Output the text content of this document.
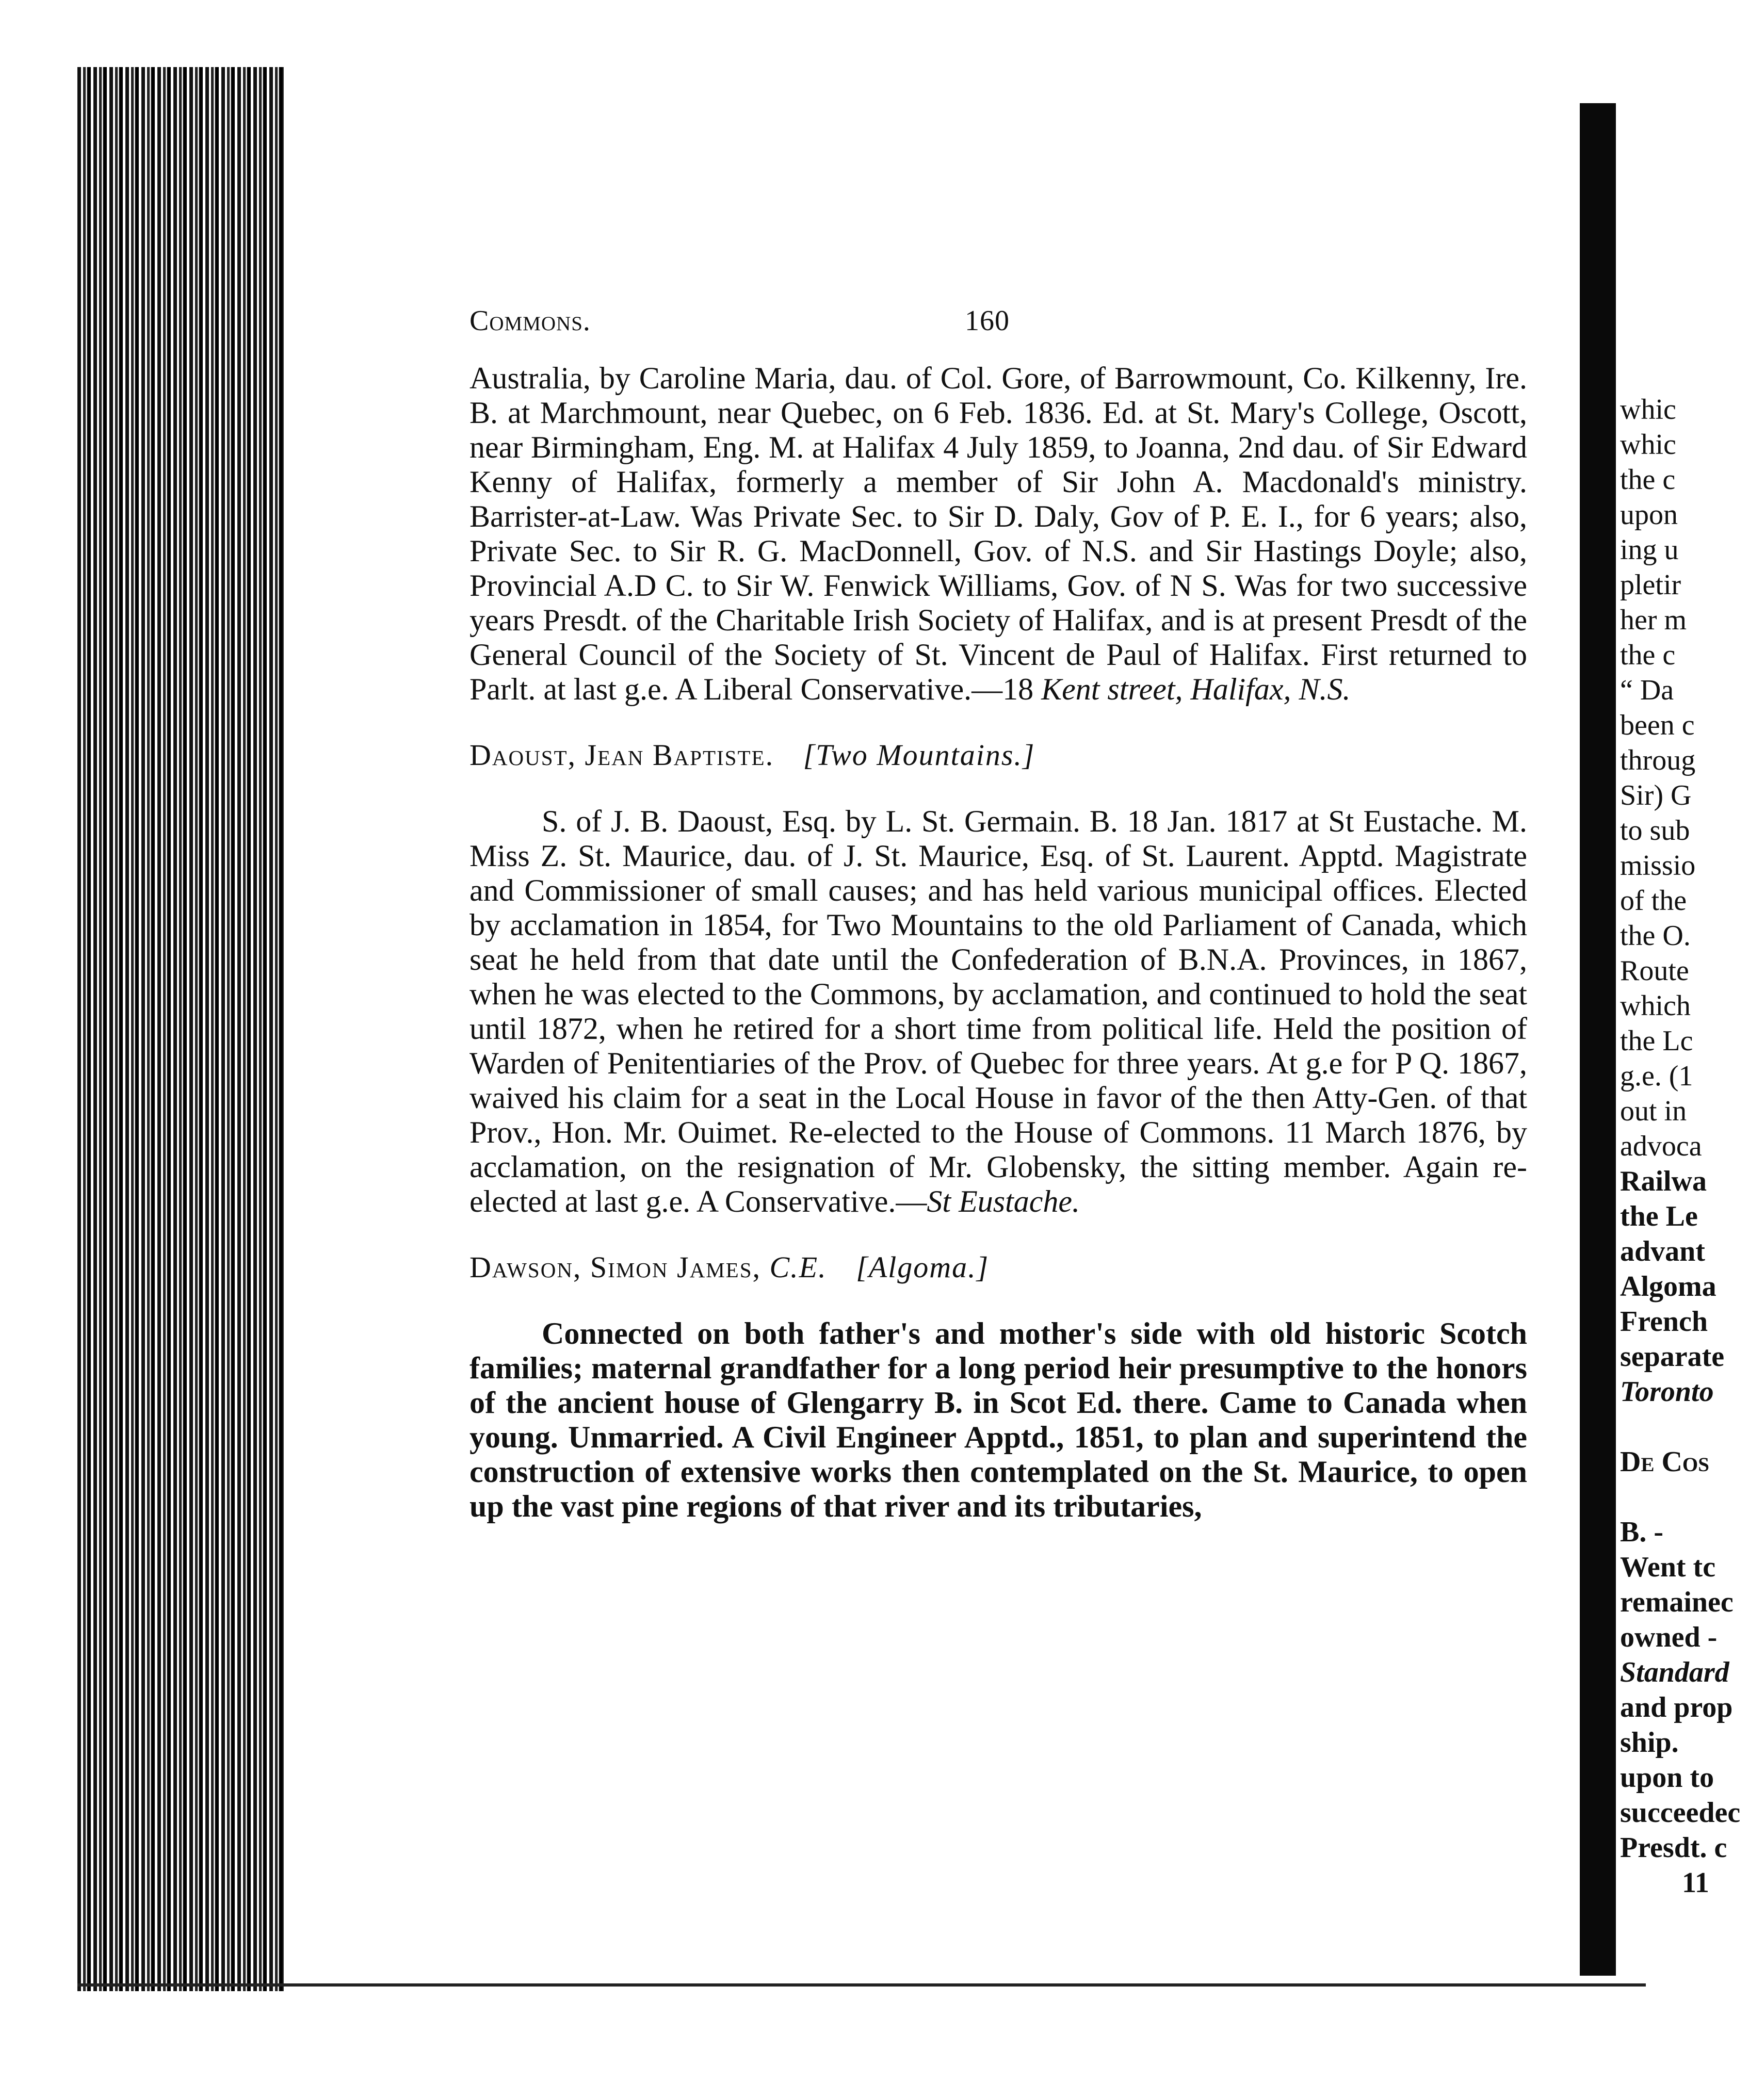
Commons.	160

Australia, by Caroline Maria, dau. of Col. Gore, of Barrowmount, Co. Kilkenny, Ire. B. at Marchmount, near Quebec, on 6 Feb. 1836. Ed. at St. Mary's College, Oscott, near Birmingham, Eng. M. at Halifax 4 July 1859, to Joanna, 2nd dau. of Sir Edward Kenny of Halifax, formerly a member of Sir John A. Macdonald's ministry. Barrister-at-Law. Was Private Sec. to Sir D. Daly, Gov of P. E. I., for 6 years; also, Private Sec. to Sir R. G. MacDonnell, Gov. of N.S. and Sir Hastings Doyle; also, Provincial A.D C. to Sir W. Fenwick Williams, Gov. of N S. Was for two successive years Presdt. of the Charitable Irish Society of Halifax, and is at present Presdt of the General Council of the Society of St. Vincent de Paul of Halifax. First returned to Parlt. at last g.e. A Liberal Conservative.—18 Kent street, Halifax, N.S.

Daoust, Jean Baptiste. [Two Mountains.]

S. of J. B. Daoust, Esq. by L. St. Germain. B. 18 Jan. 1817 at St Eustache. M. Miss Z. St. Maurice, dau. of J. St. Maurice, Esq. of St. Laurent. Apptd. Magistrate and Commissioner of small causes; and has held various municipal offices. Elected by acclamation in 1854, for Two Mountains to the old Parliament of Canada, which seat he held from that date until the Confederation of B.N.A. Provinces, in 1867, when he was elected to the Commons, by acclamation, and continued to hold the seat until 1872, when he retired for a short time from political life. Held the position of Warden of Penitentiaries of the Prov. of Quebec for three years. At g.e for P Q. 1867, waived his claim for a seat in the Local House in favor of the then Atty-Gen. of that Prov., Hon. Mr. Ouimet. Re-elected to the House of Commons. 11 March 1876, by acclamation, on the resignation of Mr. Globensky, the sitting member. Again re-elected at last g.e. A Conservative.—St Eustache.

Dawson, Simon James, C.E. [Algoma.]

Connected on both father's and mother's side with old historic Scotch families; maternal grandfather for a long period heir presumptive to the honors of the ancient house of Glengarry B. in Scot Ed. there. Came to Canada when young. Unmarried. A Civil Engineer Apptd., 1851, to plan and superintend the construction of extensive works then contemplated on the St. Maurice, to open up the vast pine regions of that river and its tributaries,

whic
whic
the c
upon
ing u
pletir
her m
the c
“ Da
been c
throug
Sir) G
to sub
missio
of the
the O.
Route
which
the Lc
g.e. (1
out in
advoca
Railwa
the Le
advant
Algoma
French
separate
Toronto
De Cos
B. -
Went tc
remainec
owned -
Standard
and prop
ship.
upon to
succeedec
Presdt. c
11
